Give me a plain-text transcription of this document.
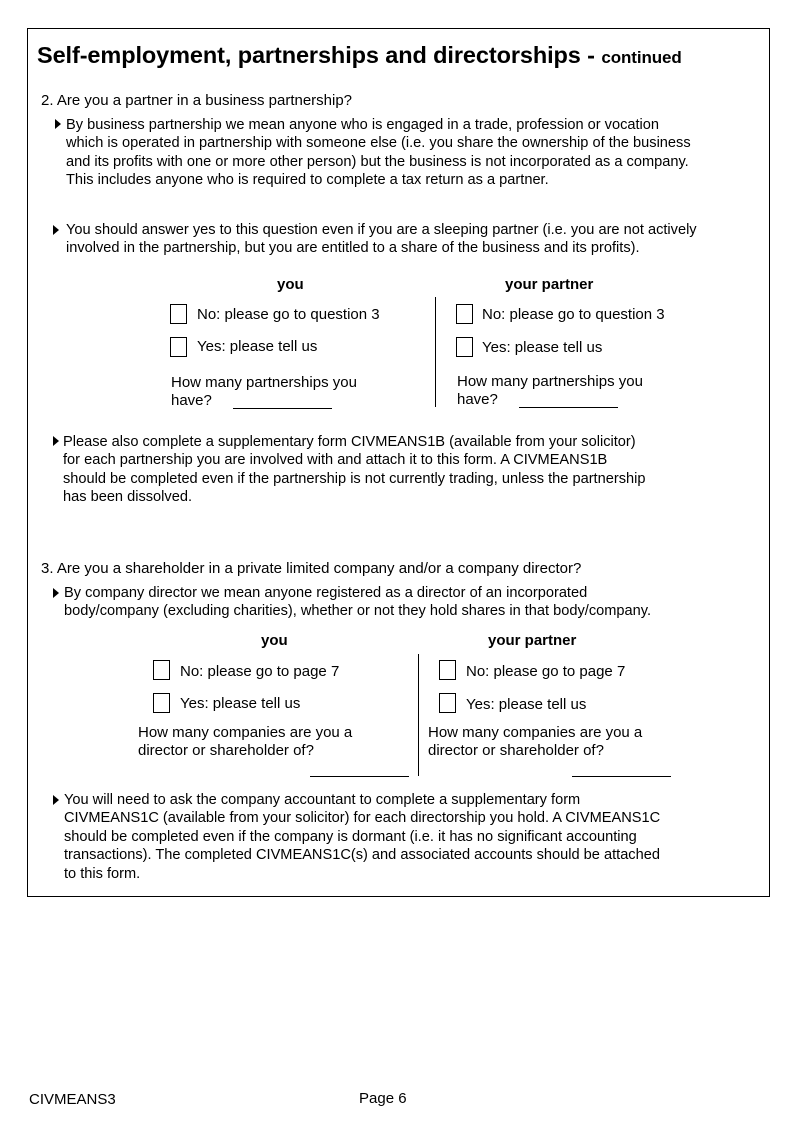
Self-employment, partnerships and directorships - continued
2. Are you a partner in a business partnership?
By business partnership we mean anyone who is engaged in a trade, profession or vocation
which is operated in partnership with someone else (i.e. you share the ownership of the business
and its profits with one or more other person) but the business is not incorporated as a company.
This includes anyone who is required to complete a tax return as a partner.
You should answer yes to this question even if you are a sleeping partner (i.e. you are not actively
involved in the partnership, but you are entitled to a share of the business and its profits).
you
No: please go to question 3
Yes: please tell us
How many partnerships you
have?
your partner
No: please go to question 3
Yes: please tell us
How many partnerships you
have?
Please also complete a supplementary form CIVMEANS1B (available from your solicitor)
for each partnership you are involved with and attach it to this form. A CIVMEANS1B
should be completed even if the partnership is not currently trading, unless the partnership
has been dissolved.
3. Are you a shareholder in a private limited company and/or a company director?
By company director we mean anyone registered as a director of an incorporated
body/company (excluding charities), whether or not they hold shares in that body/company.
you
No: please go to page 7
Yes: please tell us
How many companies are you a
director or shareholder of?
your partner
No: please go to page 7
Yes: please tell us
How many companies are you a
director or shareholder of?
You will need to ask the company accountant to complete a supplementary form
CIVMEANS1C (available from your solicitor) for each directorship you hold. A CIVMEANS1C
should be completed even if the company is dormant (i.e. it has no significant accounting
transactions). The completed CIVMEANS1C(s) and associated accounts should be attached
to this form.
CIVMEANS3	Page 6
